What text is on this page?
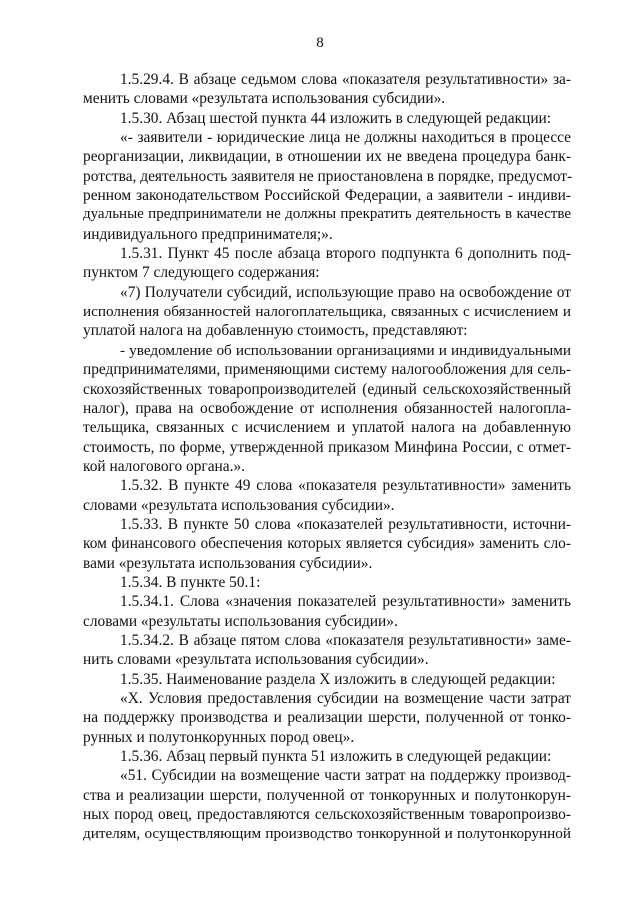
8
1.5.29.4. В абзаце седьмом слова «показателя результативности» за-
менить словами «результата использования субсидии».
1.5.30. Абзац шестой пункта 44 изложить в следующей редакции:
«- заявители - юридические лица не должны находиться в процессе
реорганизации, ликвидации, в отношении их не введена процедура банк-
ротства, деятельность заявителя не приостановлена в порядке, предусмот-
ренном законодательством Российской Федерации, а заявители - индиви-
дуальные предприниматели не должны прекратить деятельность в качестве
индивидуального предпринимателя;».
1.5.31. Пункт 45 после абзаца второго подпункта 6 дополнить под-
пунктом 7 следующего содержания:
«7) Получатели субсидий, использующие право на освобождение от
исполнения обязанностей налогоплательщика, связанных с исчислением и
уплатой налога на добавленную стоимость, представляют:
- уведомление об использовании организациями и индивидуальными
предпринимателями, применяющими систему налогообложения для сель-
скохозяйственных товаропроизводителей (единый сельскохозяйственный
налог), права на освобождение от исполнения обязанностей налогопла-
тельщика, связанных с исчислением и уплатой налога на добавленную
стоимость, по форме, утвержденной приказом Минфина России, с отмет-
кой налогового органа.».
1.5.32. В пункте 49 слова «показателя результативности» заменить
словами «результата использования субсидии».
1.5.33. В пункте 50 слова «показателей результативности, источни-
ком финансового обеспечения которых является субсидия» заменить сло-
вами «результата использования субсидии».
1.5.34. В пункте 50.1:
1.5.34.1. Слова «значения показателей результативности» заменить
словами «результаты использования субсидии».
1.5.34.2. В абзаце пятом слова «показателя результативности» заме-
нить словами «результата использования субсидии».
1.5.35. Наименование раздела X изложить в следующей редакции:
«X. Условия предоставления субсидии на возмещение части затрат
на поддержку производства и реализации шерсти, полученной от тонко-
рунных и полутонкорунных пород овец».
1.5.36. Абзац первый пункта 51 изложить в следующей редакции:
«51. Субсидии на возмещение части затрат на поддержку производ-
ства и реализации шерсти, полученной от тонкорунных и полутонкорун-
ных пород овец, предоставляются сельскохозяйственным товаропроизво-
дителям, осуществляющим производство тонкорунной и полутонкорунной
